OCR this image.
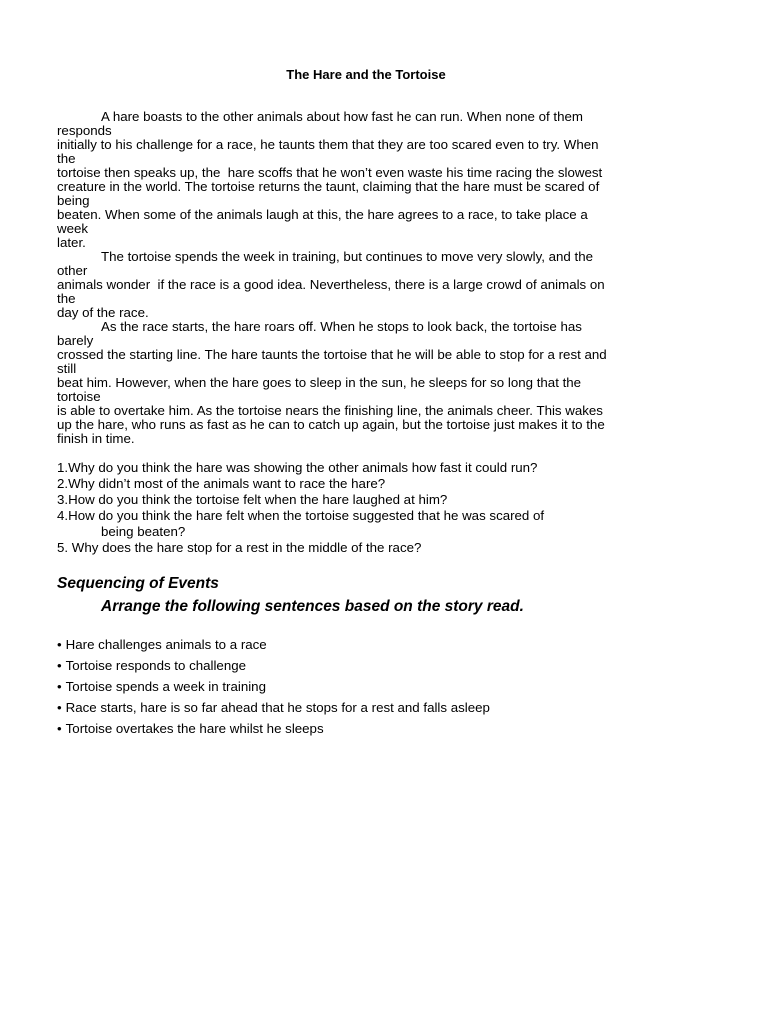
The Hare and the Tortoise
A hare boasts to the other animals about how fast he can run. When none of them
responds
initially to his challenge for a race, he taunts them that they are too scared even to try. When
the
tortoise then speaks up, the  hare scoffs that he won’t even waste his time racing the slowest
creature in the world. The tortoise returns the taunt, claiming that the hare must be scared of
being
beaten. When some of the animals laugh at this, the hare agrees to a race, to take place a
week
later.
The tortoise spends the week in training, but continues to move very slowly, and the
other
animals wonder  if the race is a good idea. Nevertheless, there is a large crowd of animals on
the
day of the race.
As the race starts, the hare roars off. When he stops to look back, the tortoise has
barely
crossed the starting line. The hare taunts the tortoise that he will be able to stop for a rest and
still
beat him. However, when the hare goes to sleep in the sun, he sleeps for so long that the
tortoise
is able to overtake him. As the tortoise nears the finishing line, the animals cheer. This wakes
up the hare, who runs as fast as he can to catch up again, but the tortoise just makes it to the
finish in time.
1.Why do you think the hare was showing the other animals how fast it could run?
2.Why didn’t most of the animals want to race the hare?
3.How do you think the tortoise felt when the hare laughed at him?
4.How do you think the hare felt when the tortoise suggested that he was scared of
being beaten?
5. Why does the hare stop for a rest in the middle of the race?
Sequencing of Events
Arrange the following sentences based on the story read.
• Hare challenges animals to a race
• Tortoise responds to challenge
• Tortoise spends a week in training
• Race starts, hare is so far ahead that he stops for a rest and falls asleep
• Tortoise overtakes the hare whilst he sleeps
